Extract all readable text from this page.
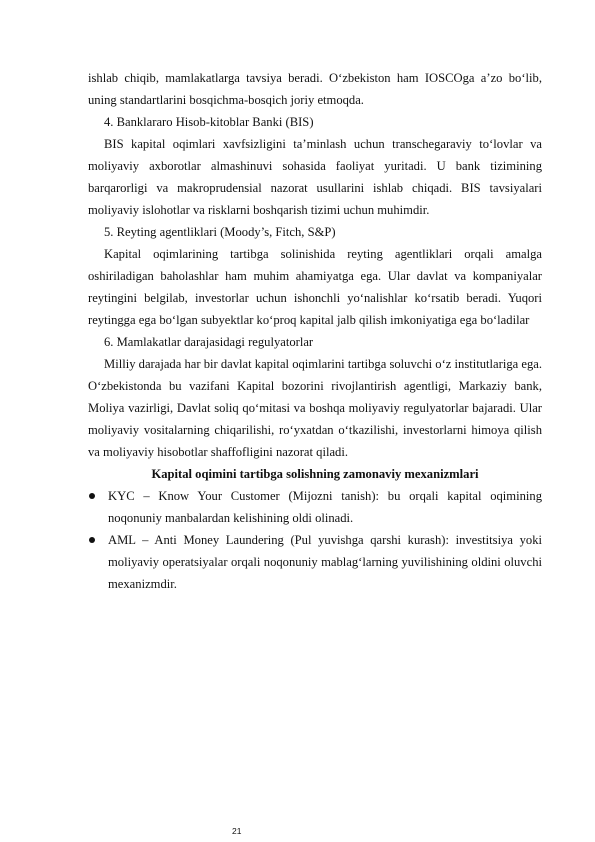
ishlab chiqib, mamlakatlarga tavsiya beradi. O‘zbekiston ham IOSCOga a’zo bo‘lib, uning standartlarini bosqichma-bosqich joriy etmoqda.

4. Banklararo Hisob-kitoblar Banki (BIS)

BIS kapital oqimlari xavfsizligini ta’minlash uchun transchegaraviy to‘lovlar va moliyaviy axborotlar almashinuvi sohasida faoliyat yuritadi. U bank tizimining barqarorligi va makroprudensial nazorat usullarini ishlab chiqadi. BIS tavsiyalari moliyaviy islohotlar va risklarni boshqarish tizimi uchun muhimdir.

5. Reyting agentliklari (Moody’s, Fitch, S&P)

Kapital oqimlarining tartibga solinishida reyting agentliklari orqali amalga oshiriladigan baholashlar ham muhim ahamiyatga ega. Ular davlat va kompaniyalar reytingini belgilab, investorlar uchun ishonchli yo‘nalishlar ko‘rsatib beradi. Yuqori reytingga ega bo‘lgan subyektlar ko‘proq kapital jalb qilish imkoniyatiga ega bo‘ladilar

6. Mamlakatlar darajasidagi regulyatorlar

Milliy darajada har bir davlat kapital oqimlarini tartibga soluvchi o‘z institutlariga ega. O‘zbekistonda bu vazifani Kapital bozorini rivojlantirish agentligi, Markaziy bank, Moliya vazirligi, Davlat soliq qo‘mitasi va boshqa moliyaviy regulyatorlar bajaradi. Ular moliyaviy vositalarning chiqarilishi, ro‘yxatdan o‘tkazilishi, investorlarni himoya qilish va moliyaviy hisobotlar shaffofligini nazorat qiladi.

Kapital oqimini tartibga solishning zamonaviy mexanizmlari

KYC – Know Your Customer (Mijozni tanish): bu orqali kapital oqimining noqonuniy manbalardan kelishining oldi olinadi.
AML – Anti Money Laundering (Pul yuvishga qarshi kurash): investitsiya yoki moliyaviy operatsiyalar orqali noqonuniy mablag‘larning yuvilishining oldini oluvchi mexanizmdir.
21
